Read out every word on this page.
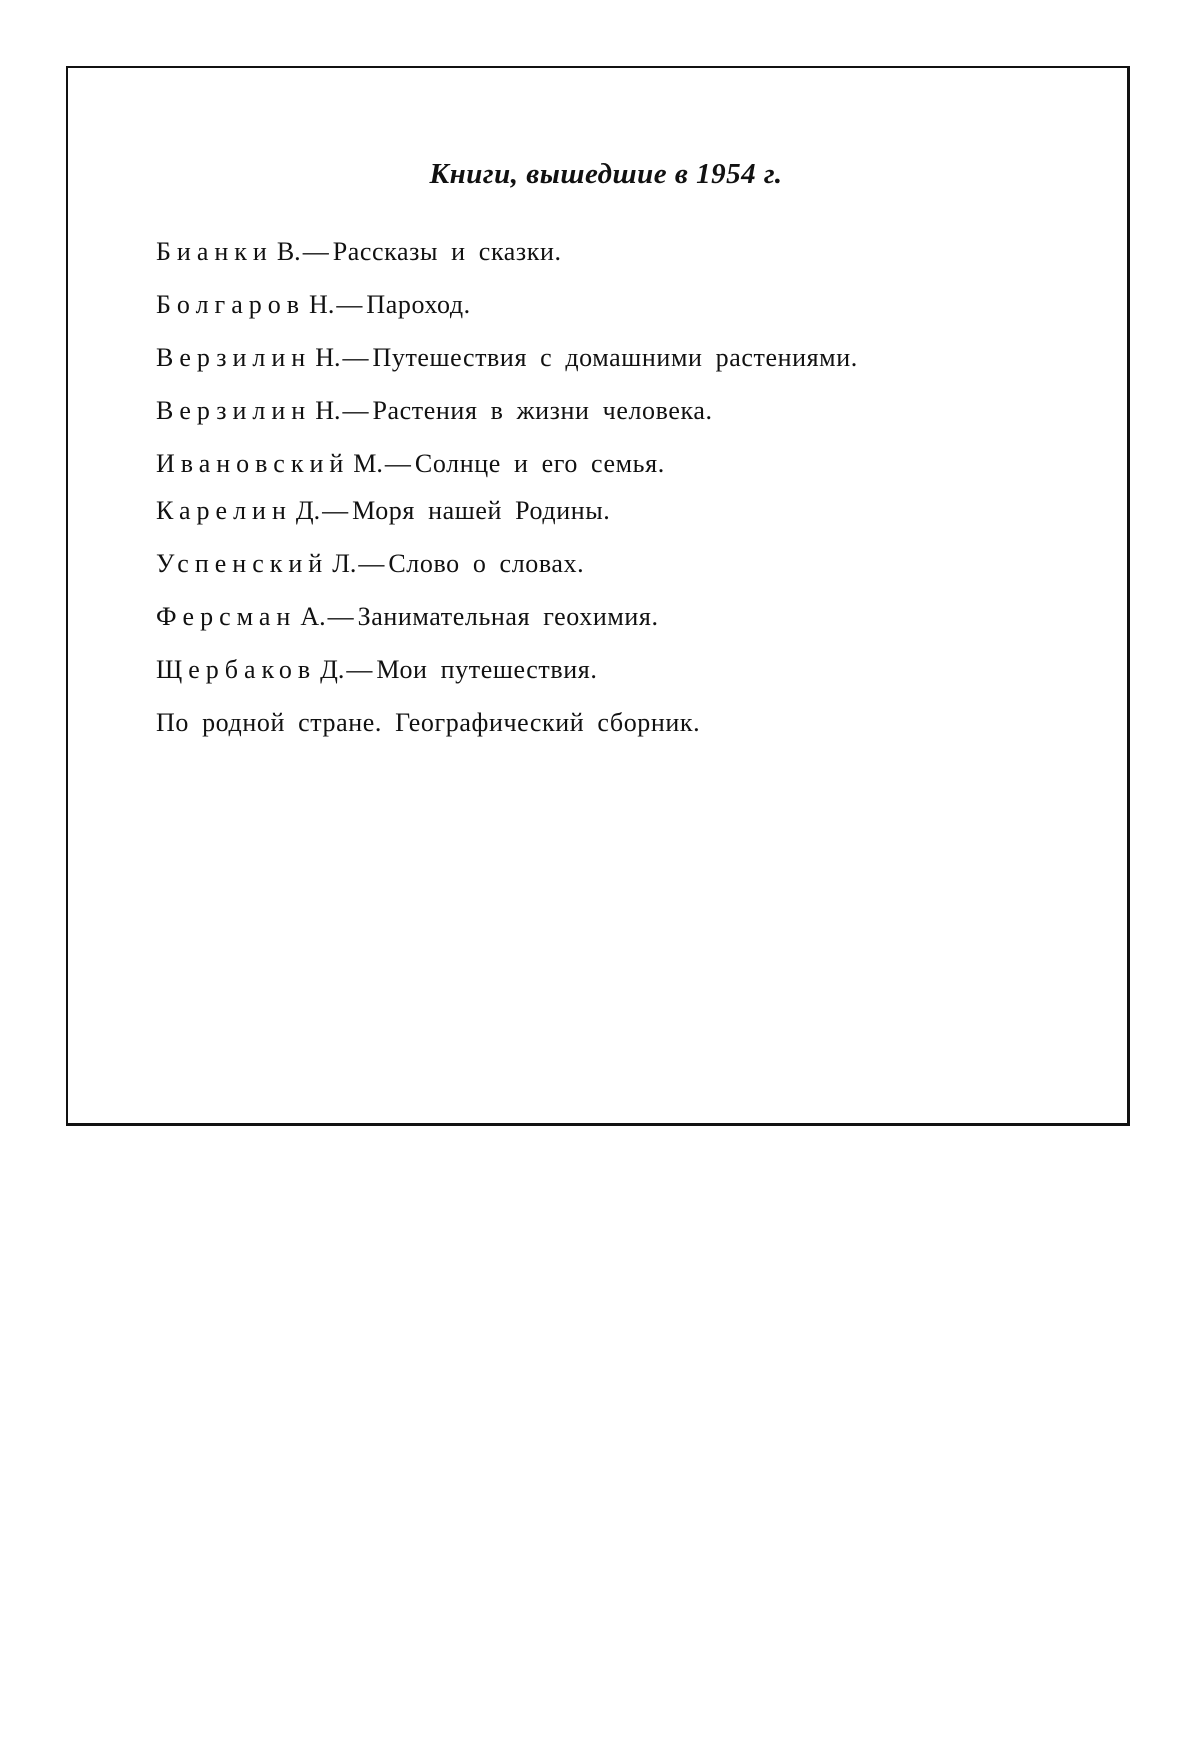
Книги, вышедшие в 1954 г.
Бианки В.— Рассказы и сказки.
Болгаров Н.— Пароход.
Верзилин Н.— Путешествия с домашними растениями.
Верзилин Н.— Растения в жизни человека.
Ивановский М.— Солнце и его семья.
Карелин Д.— Моря нашей Родины.
Успенский Л.— Слово о словах.
Ферсман А.— Занимательная геохимия.
Щербаков Д.— Мои путешествия.
По родной стране. Географический сборник.
